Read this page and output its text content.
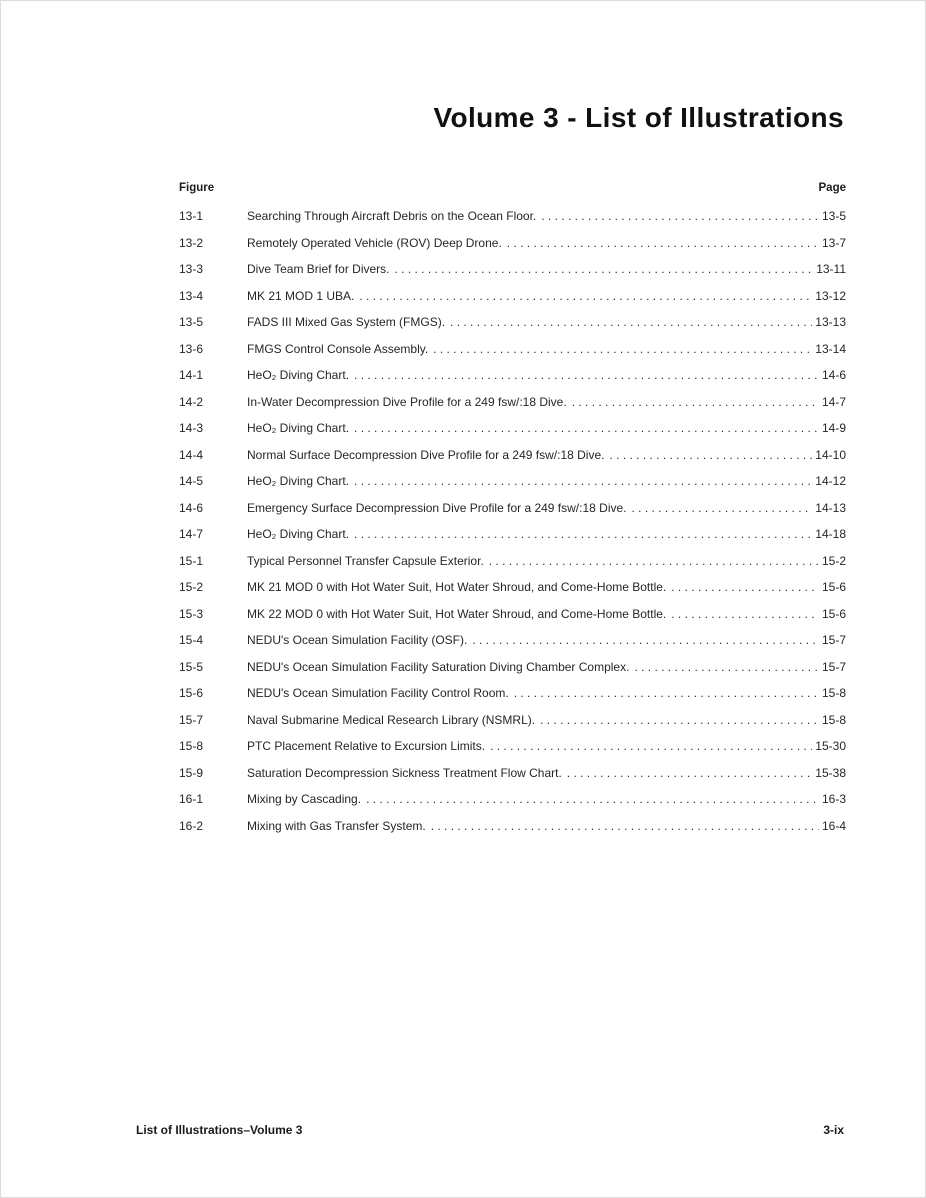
Volume 3 - List of Illustrations
Figure	Page
13-1	Searching Through Aircraft Debris on the Ocean Floor. . . .	13-5
13-2	Remotely Operated Vehicle (ROV) Deep Drone. . . .	13-7
13-3	Dive Team Brief for Divers. . . .	13-11
13-4	MK 21 MOD 1 UBA. . . .	13-12
13-5	FADS III Mixed Gas System (FMGS). . . .	13-13
13-6	FMGS Control Console Assembly. . . .	13-14
14-1	HeO₂ Diving Chart. . . .	14-6
14-2	In-Water Decompression Dive Profile for a 249 fsw/:18 Dive. . . .	14-7
14-3	HeO₂ Diving Chart. . . .	14-9
14-4	Normal Surface Decompression Dive Profile for a 249 fsw/:18 Dive. . . .	14-10
14-5	HeO₂ Diving Chart. . . .	14-12
14-6	Emergency Surface Decompression Dive Profile for a 249 fsw/:18 Dive. . . .	14-13
14-7	HeO₂ Diving Chart. . . .	14-18
15-1	Typical Personnel Transfer Capsule Exterior. . . .	15-2
15-2	MK 21 MOD 0 with Hot Water Suit, Hot Water Shroud, and Come-Home Bottle. . . .	15-6
15-3	MK 22 MOD 0 with Hot Water Suit, Hot Water Shroud, and Come-Home Bottle. . . .	15-6
15-4	NEDU's Ocean Simulation Facility (OSF). . . .	15-7
15-5	NEDU's Ocean Simulation Facility Saturation Diving Chamber Complex. . . .	15-7
15-6	NEDU's Ocean Simulation Facility Control Room. . . .	15-8
15-7	Naval Submarine Medical Research Library (NSMRL). . . .	15-8
15-8	PTC Placement Relative to Excursion Limits. . . .	15-30
15-9	Saturation Decompression Sickness Treatment Flow Chart. . . .	15-38
16-1	Mixing by Cascading. . . .	16-3
16-2	Mixing with Gas Transfer System. . . .	16-4
List of Illustrations–Volume 3	3-ix
